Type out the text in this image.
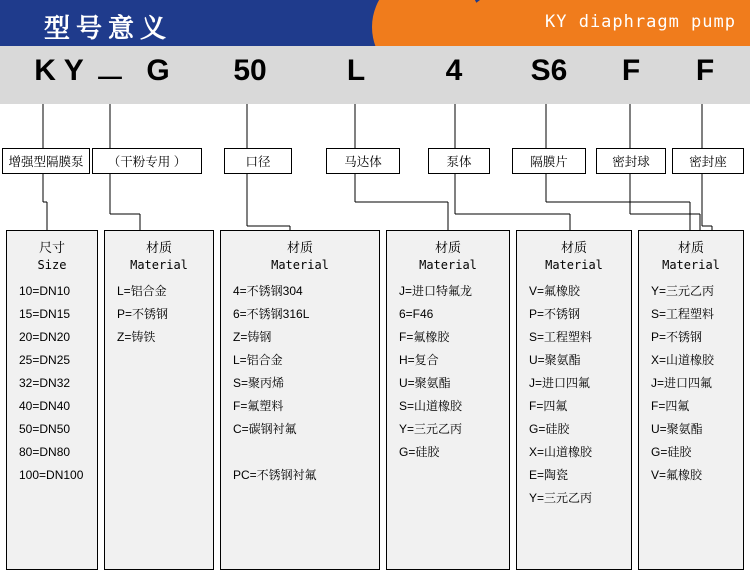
型号意义	KY diaphragm pump
K Y － G	50	L	4	S6	F	F
增强型隔膜泵	（干粉专用 ）	口径	马达体	泵体	隔膜片	密封球	密封座
尺寸
Size
10=DN10
15=DN15
20=DN20
25=DN25
32=DN32
40=DN40
50=DN50
80=DN80
100=DN100
材质
Material
L=铝合金
P=不锈钢
Z=铸铁
材质
Material
4=不锈钢304
6=不锈钢316L
Z=铸钢
L=铝合金
S=聚丙烯
F=氟塑料
C=碳钢衬氟

PC=不锈钢衬氟
材质
Material
J=进口特氟龙
6=F46
F=氟橡胶
H=复合
U=聚氨酯
S=山道橡胶
Y=三元乙丙
G=硅胶
材质
Material
V=氟橡胶
P=不锈钢
S=工程塑料
U=聚氨酯
J=进口四氟
F=四氟
G=硅胶
X=山道橡胶
E=陶瓷
Y=三元乙丙
材质
Material
Y=三元乙丙
S=工程塑料
P=不锈钢
X=山道橡胶
J=进口四氟
F=四氟
U=聚氨酯
G=硅胶
V=氟橡胶
